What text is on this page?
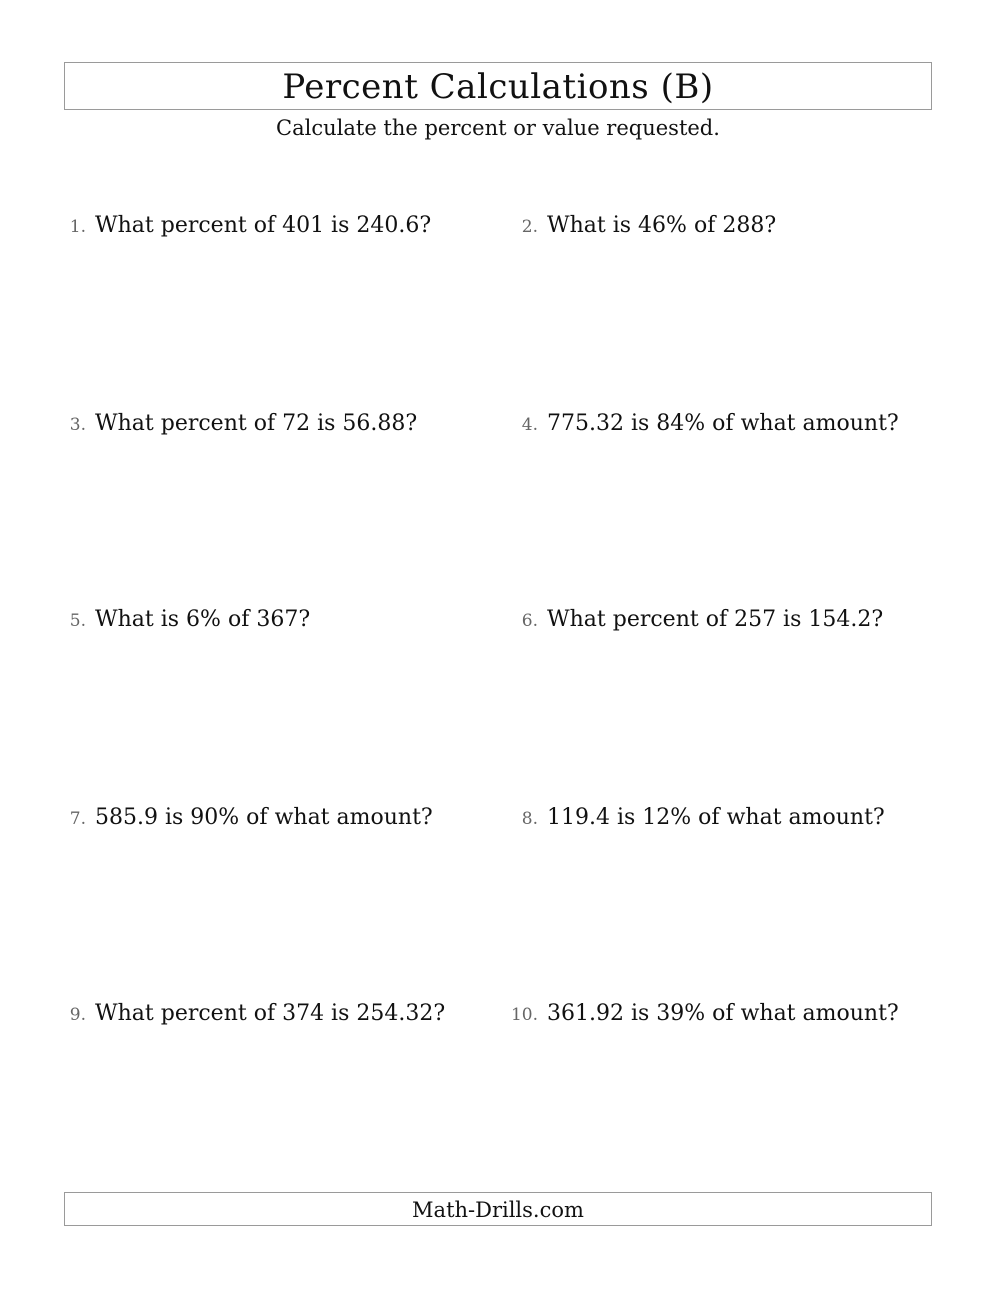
Percent Calculations (B)
Calculate the percent or value requested.
1. What percent of 401 is 240.6?	2. What is 46% of 288?
3. What percent of 72 is 56.88?	4. 775.32 is 84% of what amount?
5. What is 6% of 367?	6. What percent of 257 is 154.2?
7. 585.9 is 90% of what amount?	8. 119.4 is 12% of what amount?
9. What percent of 374 is 254.32?	10. 361.92 is 39% of what amount?
Math-Drills.com
